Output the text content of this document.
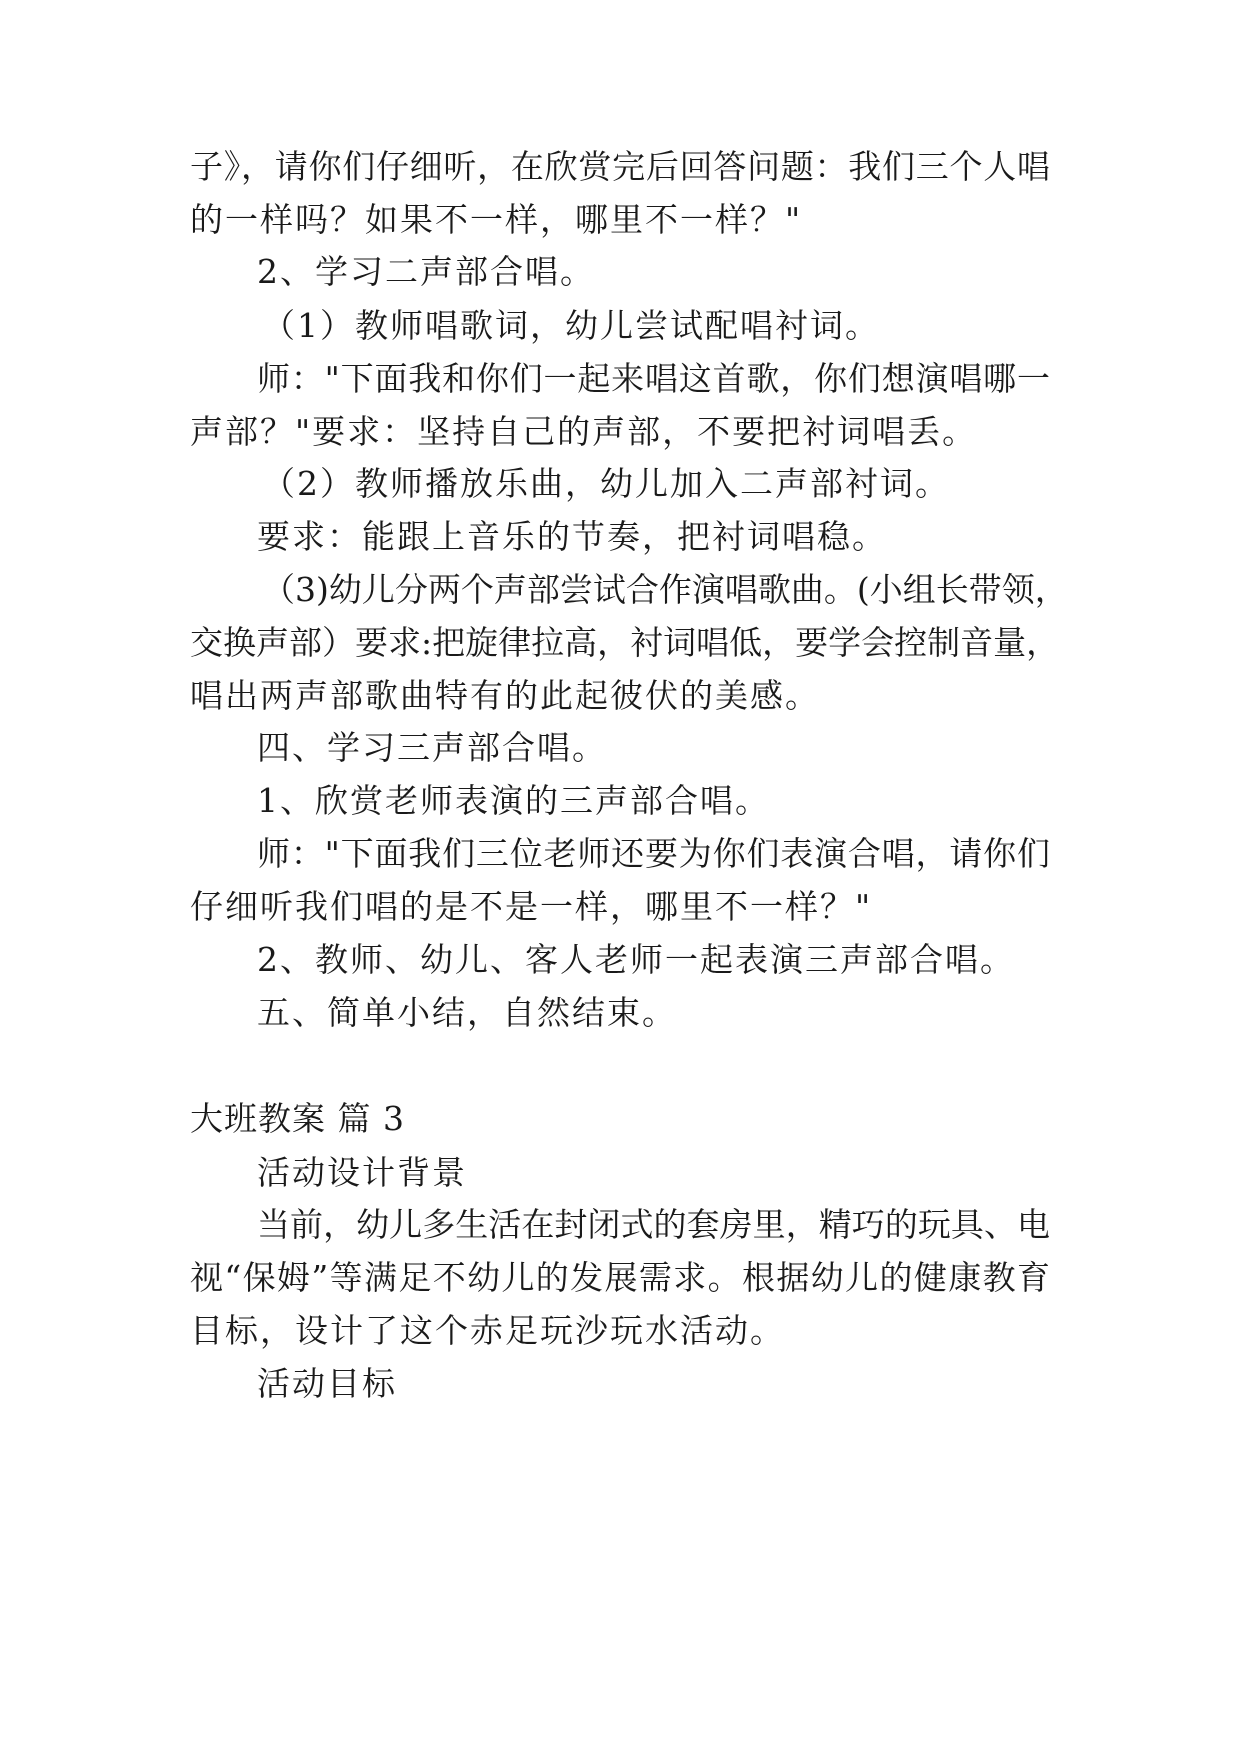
子》，请你们仔细听，在欣赏完后回答问题：我们三个人唱
的一样吗？如果不一样，哪里不一样？"
2、学习二声部合唱。
（1）教师唱歌词，幼儿尝试配唱衬词。
师："下面我和你们一起来唱这首歌，你们想演唱哪一
声部？"要求：坚持自己的声部，不要把衬词唱丢。
（2）教师播放乐曲，幼儿加入二声部衬词。
要求：能跟上音乐的节奏，把衬词唱稳。
（3)幼儿分两个声部尝试合作演唱歌曲。(小组长带领，
交换声部）要求:把旋律拉高，衬词唱低，要学会控制音量，
唱出两声部歌曲特有的此起彼伏的美感。
四、学习三声部合唱。
1、欣赏老师表演的三声部合唱。
师："下面我们三位老师还要为你们表演合唱，请你们
仔细听我们唱的是不是一样，哪里不一样？"
2、教师、幼儿、客人老师一起表演三声部合唱。
五、简单小结，自然结束。
大班教案 篇 3
活动设计背景
当前，幼儿多生活在封闭式的套房里，精巧的玩具、电
视“保姆”等满足不幼儿的发展需求。根据幼儿的健康教育
目标，设计了这个赤足玩沙玩水活动。
活动目标
